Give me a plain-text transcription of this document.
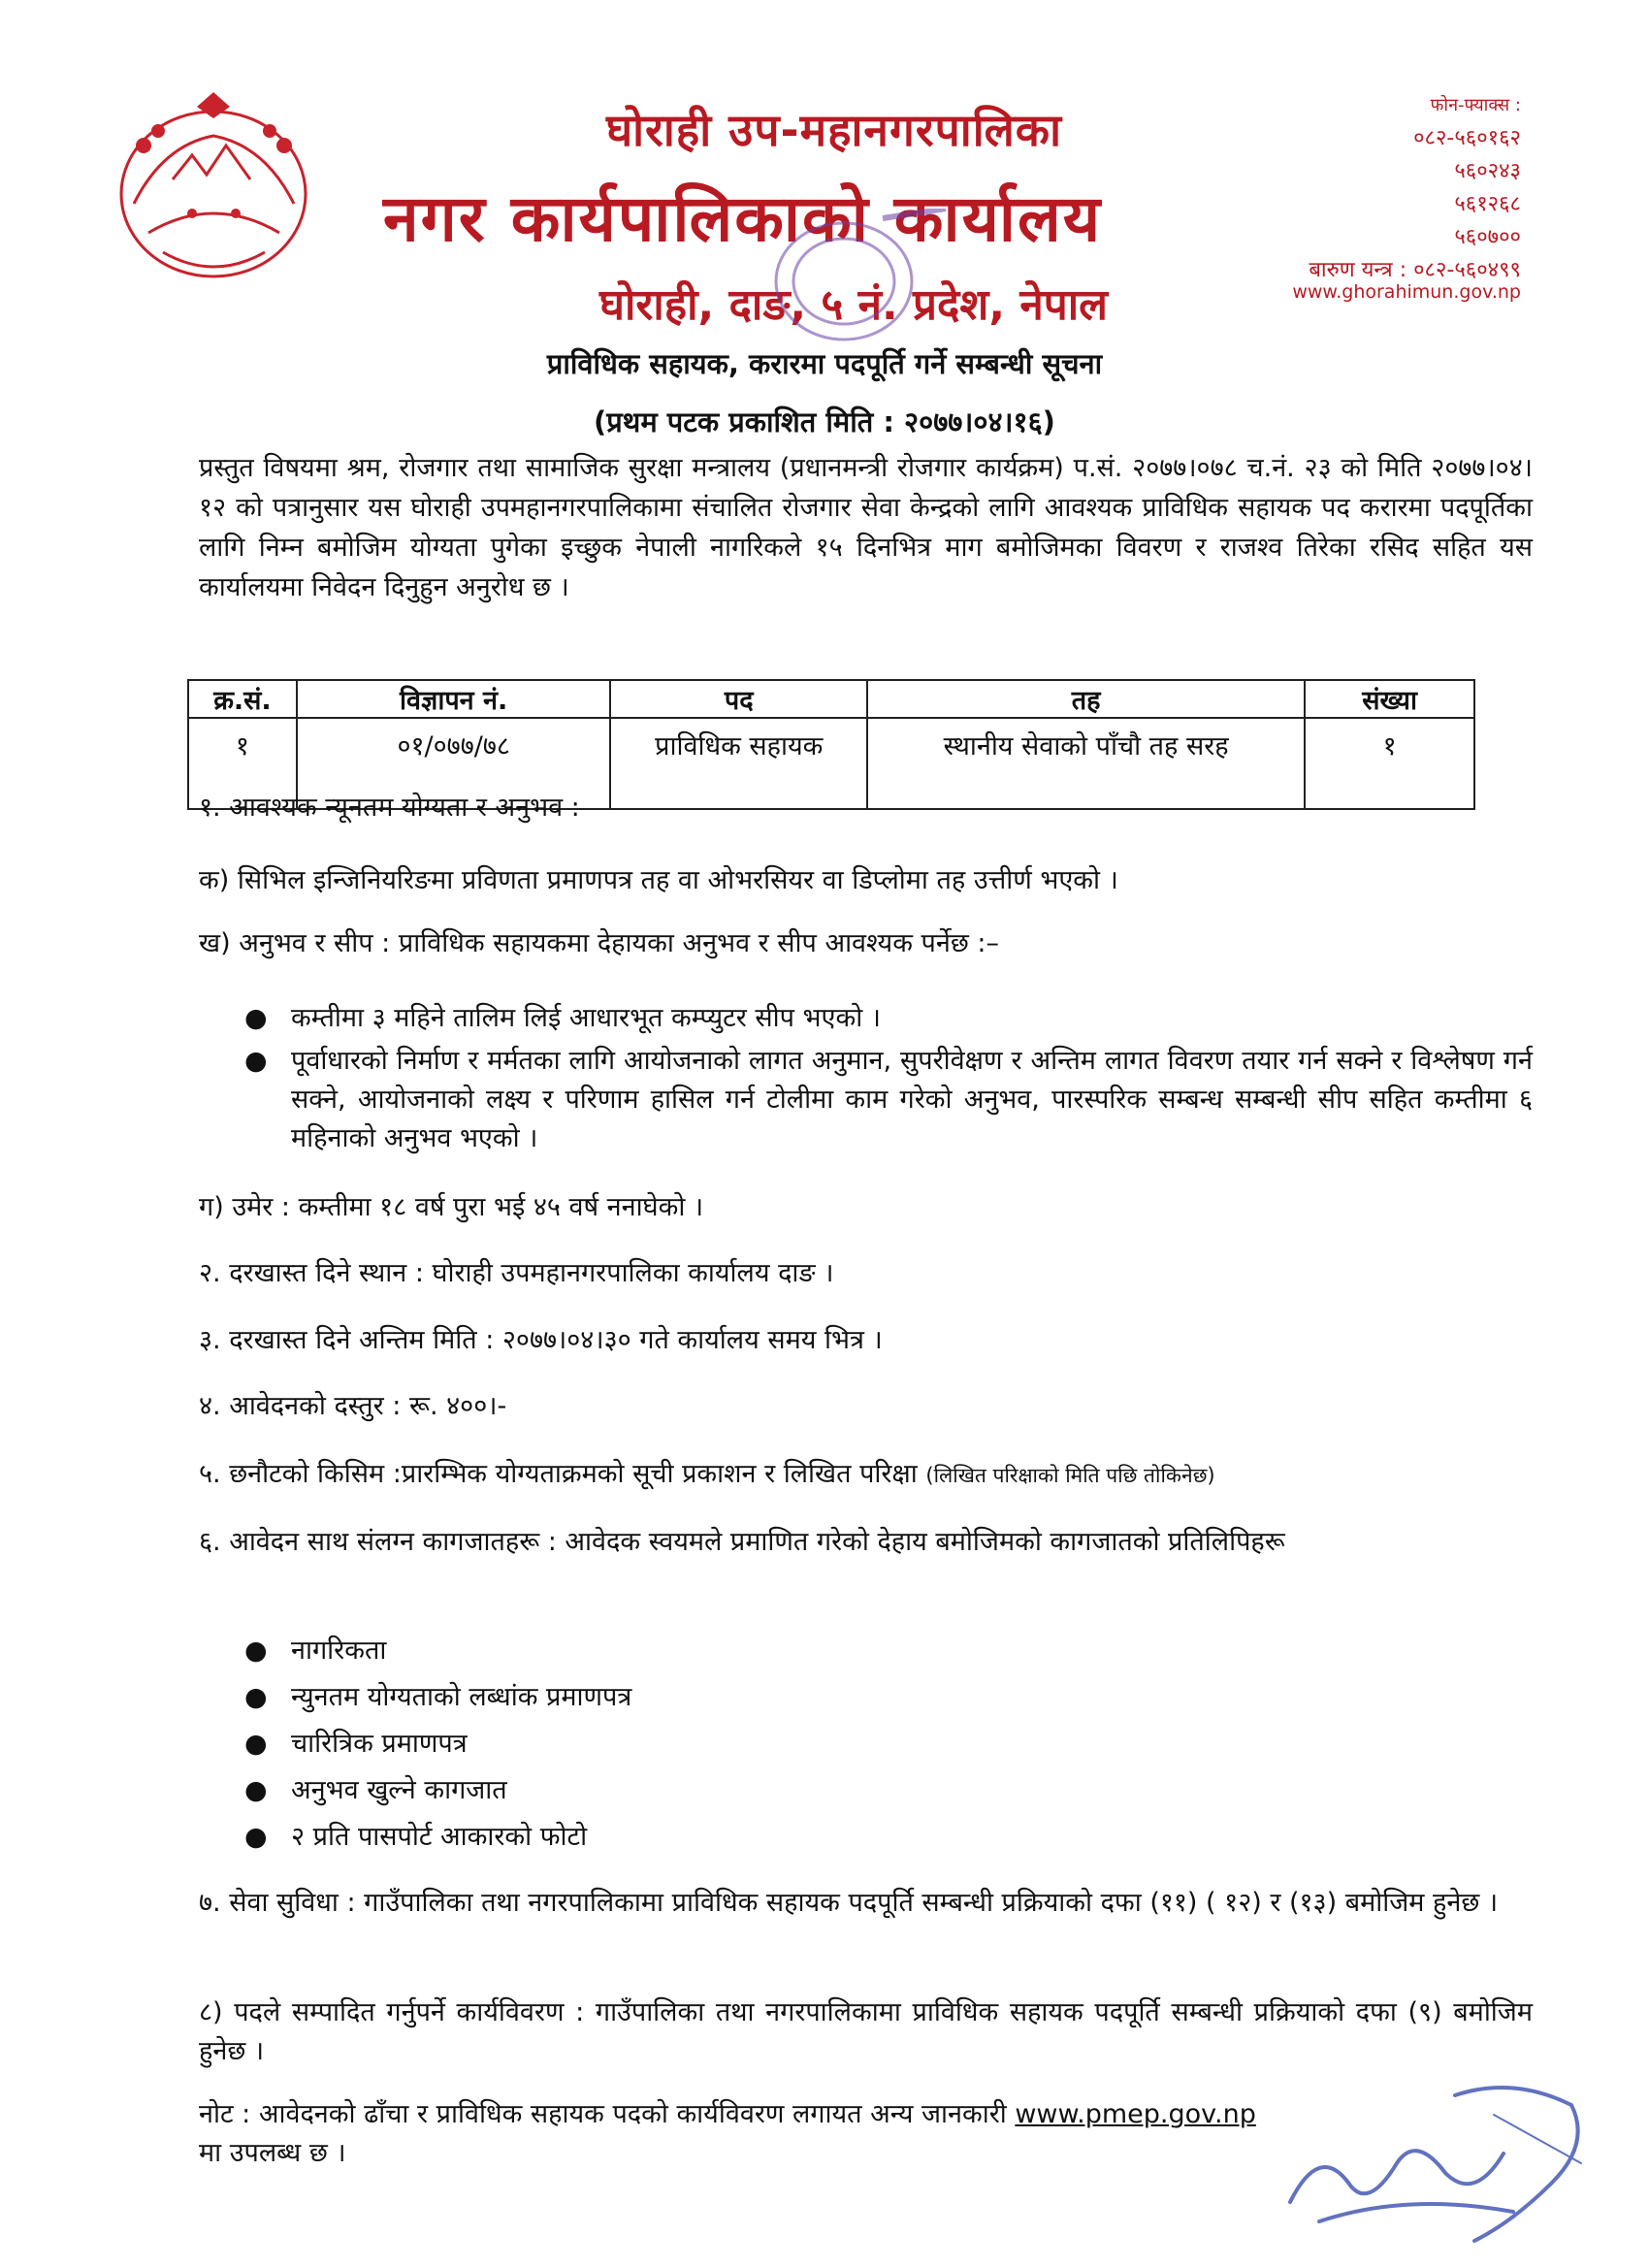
घोराही उप-महानगरपालिका
नगर कार्यपालिकाको कार्यालय
घोराही, दाङ, ५ नं. प्रदेश, नेपाल
फोन-फ्याक्स :
०८२-५६०१६२
५६०२४३
५६१२६८
५६०७००
बारुण यन्त्र : ०८२-५६०४९९
www.ghorahimun.gov.np
प्राविधिक सहायक, करारमा पदपूर्ति गर्ने सम्बन्धी सूचना
(प्रथम पटक प्रकाशित मिति : २०७७।०४।१६)
प्रस्तुत विषयमा श्रम, रोजगार तथा सामाजिक सुरक्षा मन्त्रालय (प्रधानमन्त्री रोजगार कार्यक्रम) प.सं. २०७७।०७८ च.नं. २३ को मिति २०७७।०४।१२ को पत्रानुसार यस घोराही उपमहानगरपालिकामा संचालित रोजगार सेवा केन्द्रको लागि आवश्यक प्राविधिक सहायक पद करारमा पदपूर्तिका लागि निम्न बमोजिम योग्यता पुगेका इच्छुक नेपाली नागरिकले १५ दिनभित्र माग बमोजिमका विवरण र राजश्व तिरेका रसिद सहित यस कार्यालयमा निवेदन दिनुहुन अनुरोध छ ।
क्र.सं.	विज्ञापन नं.	पद	तह	संख्या
१	०१/०७७/७८	प्राविधिक सहायक	स्थानीय सेवाको पाँचौ तह सरह	१
१. आवश्यक न्यूनतम योग्यता र अनुभव :
क) सिभिल इन्जिनियरिङमा प्रविणता प्रमाणपत्र तह वा ओभरसियर वा डिप्लोमा तह उत्तीर्ण भएको ।
ख) अनुभव र सीप : प्राविधिक सहायकमा देहायका अनुभव र सीप आवश्यक पर्नेछ :–
● कम्तीमा ३ महिने तालिम लिई आधारभूत कम्प्युटर सीप भएको ।
● पूर्वाधारको निर्माण र मर्मतका लागि आयोजनाको लागत अनुमान, सुपरीवेक्षण र अन्तिम लागत विवरण तयार गर्न सक्ने र विश्लेषण गर्न सक्ने, आयोजनाको लक्ष्य र परिणाम हासिल गर्न टोलीमा काम गरेको अनुभव, पारस्परिक सम्बन्ध सम्बन्धी सीप सहित कम्तीमा ६ महिनाको अनुभव भएको ।
ग) उमेर : कम्तीमा १८ वर्ष पुरा भई ४५ वर्ष ननाघेको ।
२. दरखास्त दिने स्थान : घोराही उपमहानगरपालिका कार्यालय दाङ ।
३. दरखास्त दिने अन्तिम मिति : २०७७।०४।३० गते कार्यालय समय भित्र ।
४. आवेदनको दस्तुर : रू. ४००।-
५. छनौटको किसिम :प्रारम्भिक योग्यताक्रमको सूची प्रकाशन र लिखित परिक्षा (लिखित परिक्षाको मिति पछि तोकिनेछ)
६. आवेदन साथ संलग्न कागजातहरू : आवेदक स्वयमले प्रमाणित गरेको देहाय बमोजिमको कागजातको प्रतिलिपिहरू
● नागरिकता
● न्युनतम योग्यताको लब्धांक प्रमाणपत्र
● चारित्रिक प्रमाणपत्र
● अनुभव खुल्ने कागजात
● २ प्रति पासपोर्ट आकारको फोटो
७. सेवा सुविधा : गाउँपालिका तथा नगरपालिकामा प्राविधिक सहायक पदपूर्ति सम्बन्धी प्रक्रियाको दफा (११) ( १२) र (१३) बमोजिम हुनेछ ।
८) पदले सम्पादित गर्नुपर्ने कार्यविवरण : गाउँपालिका तथा नगरपालिकामा प्राविधिक सहायक पदपूर्ति सम्बन्धी प्रक्रियाको दफा (९) बमोजिम हुनेछ ।
नोट : आवेदनको ढाँचा र प्राविधिक सहायक पदको कार्यविवरण लगायत अन्य जानकारी www.pmep.gov.np
मा उपलब्ध छ ।
